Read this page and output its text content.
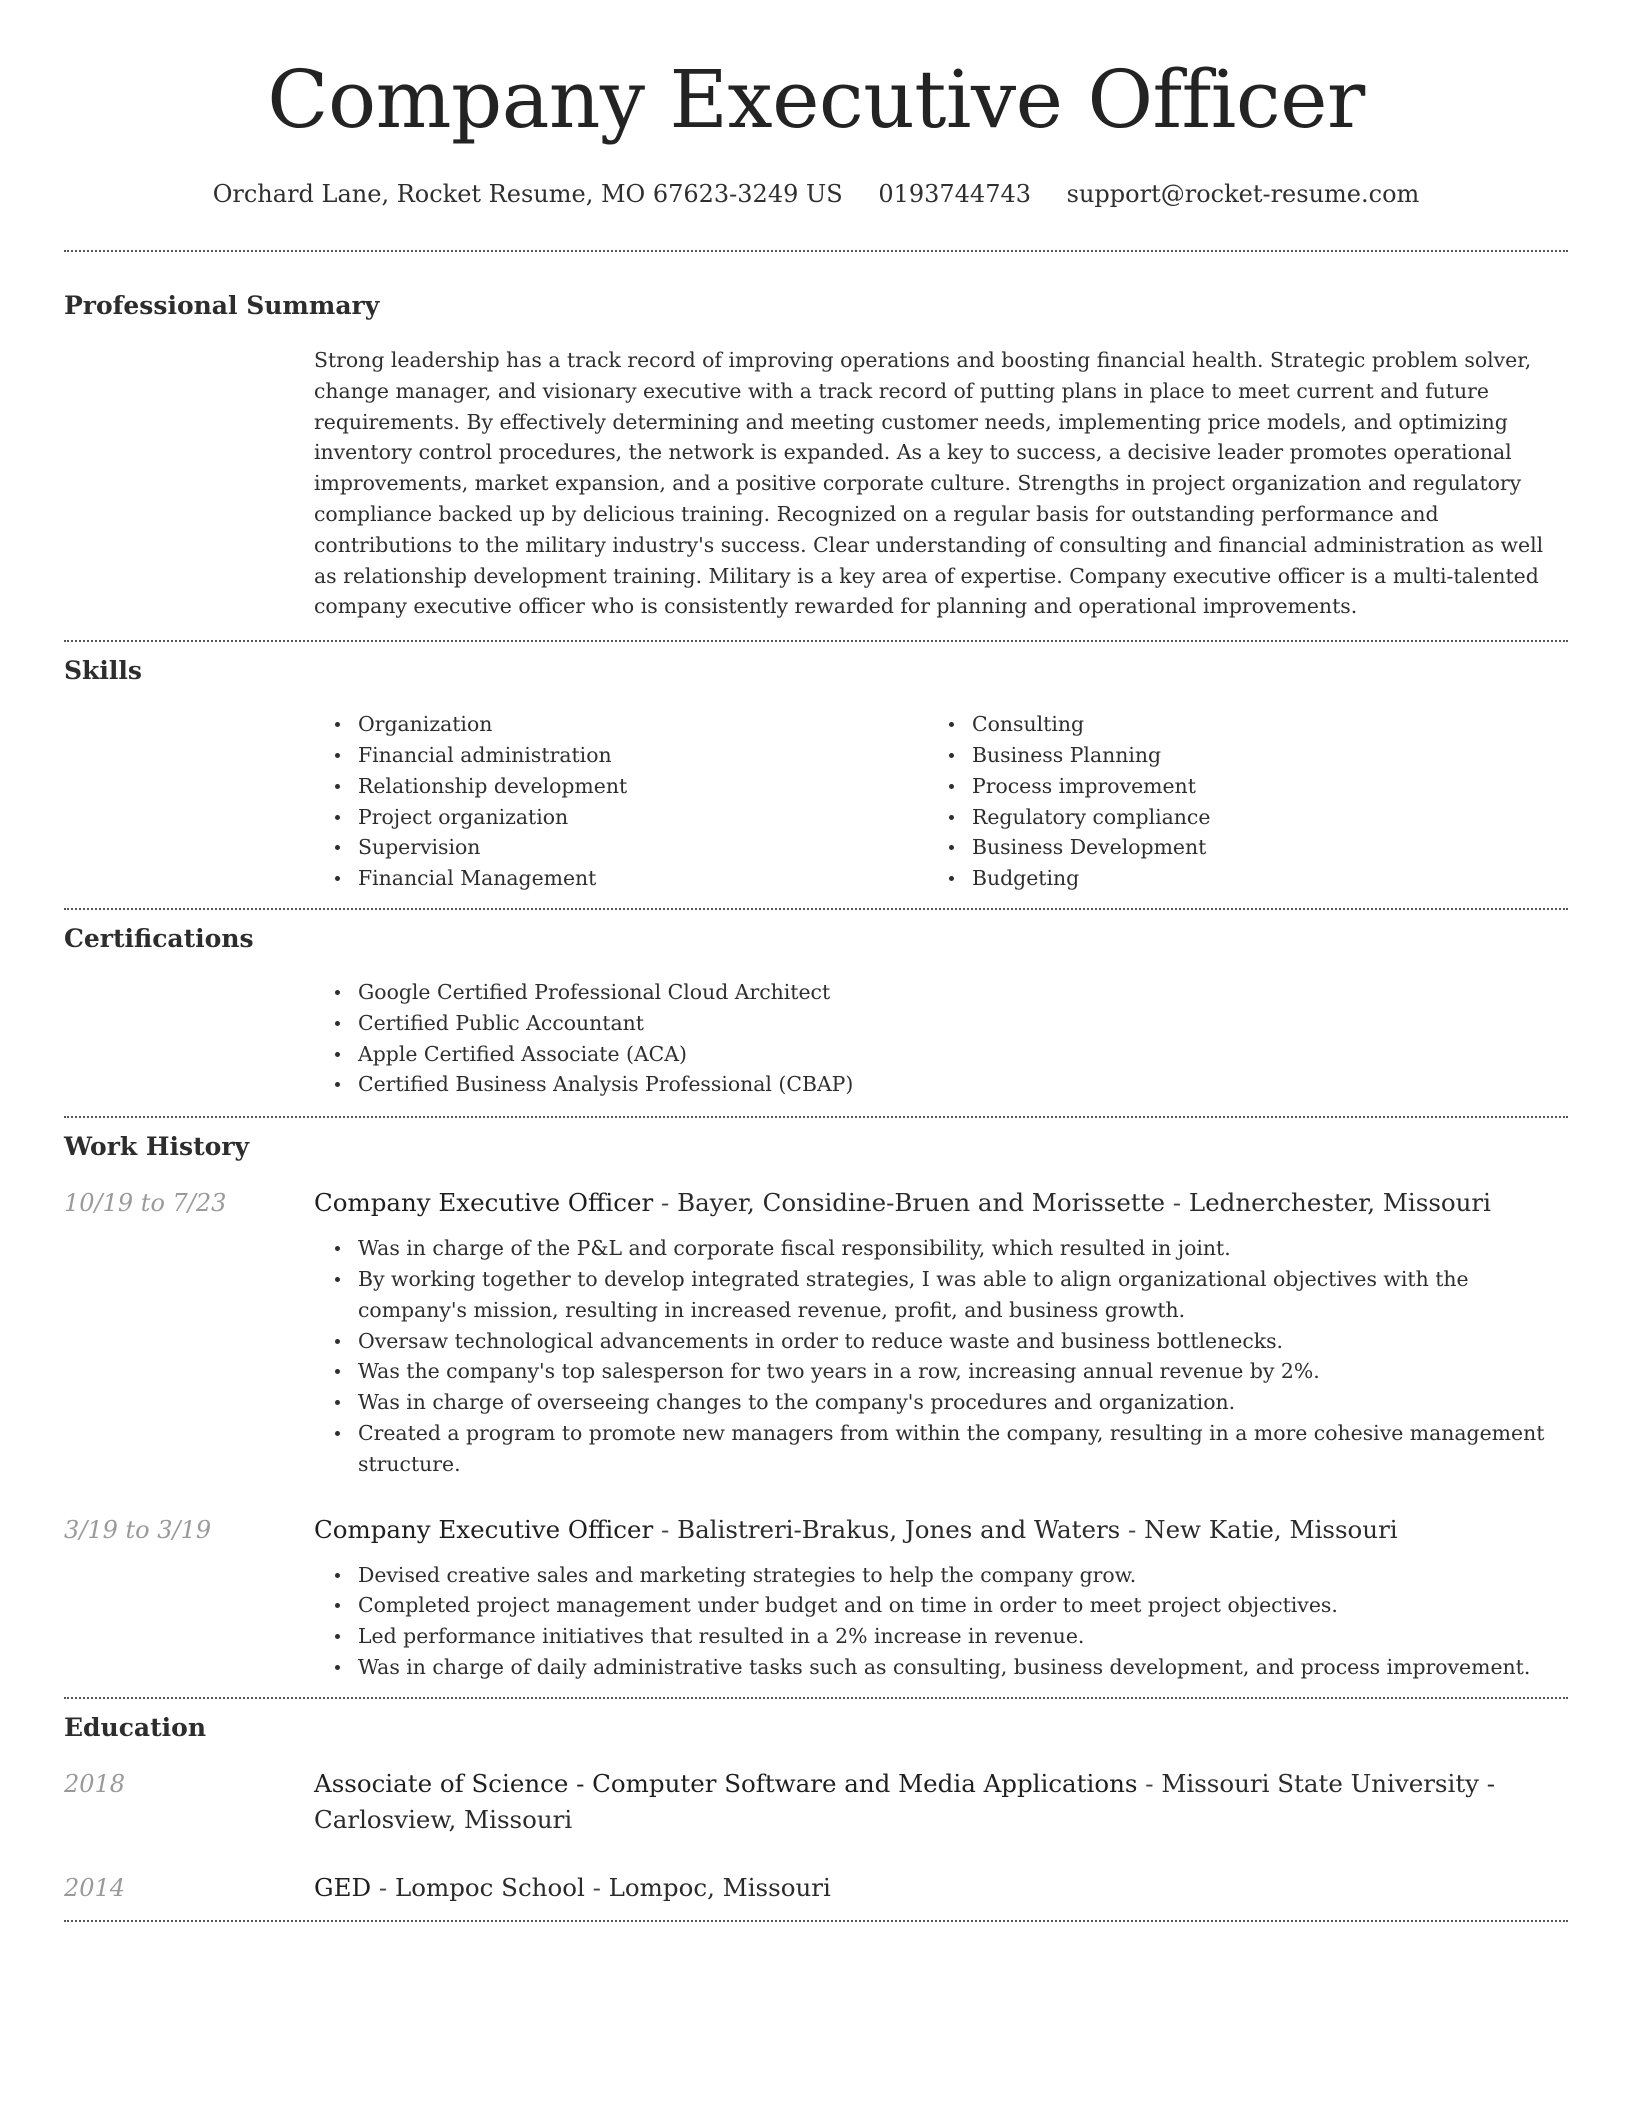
Company Executive Officer
Orchard Lane, Rocket Resume, MO 67623-3249 US 0193744743 support@rocket-resume.com
Professional Summary
Strong leadership has a track record of improving operations and boosting financial health. Strategic problem solver, change manager, and visionary executive with a track record of putting plans in place to meet current and future requirements. By effectively determining and meeting customer needs, implementing price models, and optimizing inventory control procedures, the network is expanded. As a key to success, a decisive leader promotes operational improvements, market expansion, and a positive corporate culture. Strengths in project organization and regulatory compliance backed up by delicious training. Recognized on a regular basis for outstanding performance and contributions to the military industry's success. Clear understanding of consulting and financial administration as well as relationship development training. Military is a key area of expertise. Company executive officer is a multi-talented company executive officer who is consistently rewarded for planning and operational improvements.
Skills
Organization
Financial administration
Relationship development
Project organization
Supervision
Financial Management
Consulting
Business Planning
Process improvement
Regulatory compliance
Business Development
Budgeting
Certifications
Google Certified Professional Cloud Architect
Certified Public Accountant
Apple Certified Associate (ACA)
Certified Business Analysis Professional (CBAP)
Work History
10/19 to 7/23	Company Executive Officer - Bayer, Considine-Bruen and Morissette - Lednerchester, Missouri
Was in charge of the P&L and corporate fiscal responsibility, which resulted in joint.
By working together to develop integrated strategies, I was able to align organizational objectives with the company's mission, resulting in increased revenue, profit, and business growth.
Oversaw technological advancements in order to reduce waste and business bottlenecks.
Was the company's top salesperson for two years in a row, increasing annual revenue by 2%.
Was in charge of overseeing changes to the company's procedures and organization.
Created a program to promote new managers from within the company, resulting in a more cohesive management structure.
3/19 to 3/19	Company Executive Officer - Balistreri-Brakus, Jones and Waters - New Katie, Missouri
Devised creative sales and marketing strategies to help the company grow.
Completed project management under budget and on time in order to meet project objectives.
Led performance initiatives that resulted in a 2% increase in revenue.
Was in charge of daily administrative tasks such as consulting, business development, and process improvement.
Education
2018	Associate of Science - Computer Software and Media Applications - Missouri State University -
Carlosview, Missouri
2014	GED - Lompoc School - Lompoc, Missouri
